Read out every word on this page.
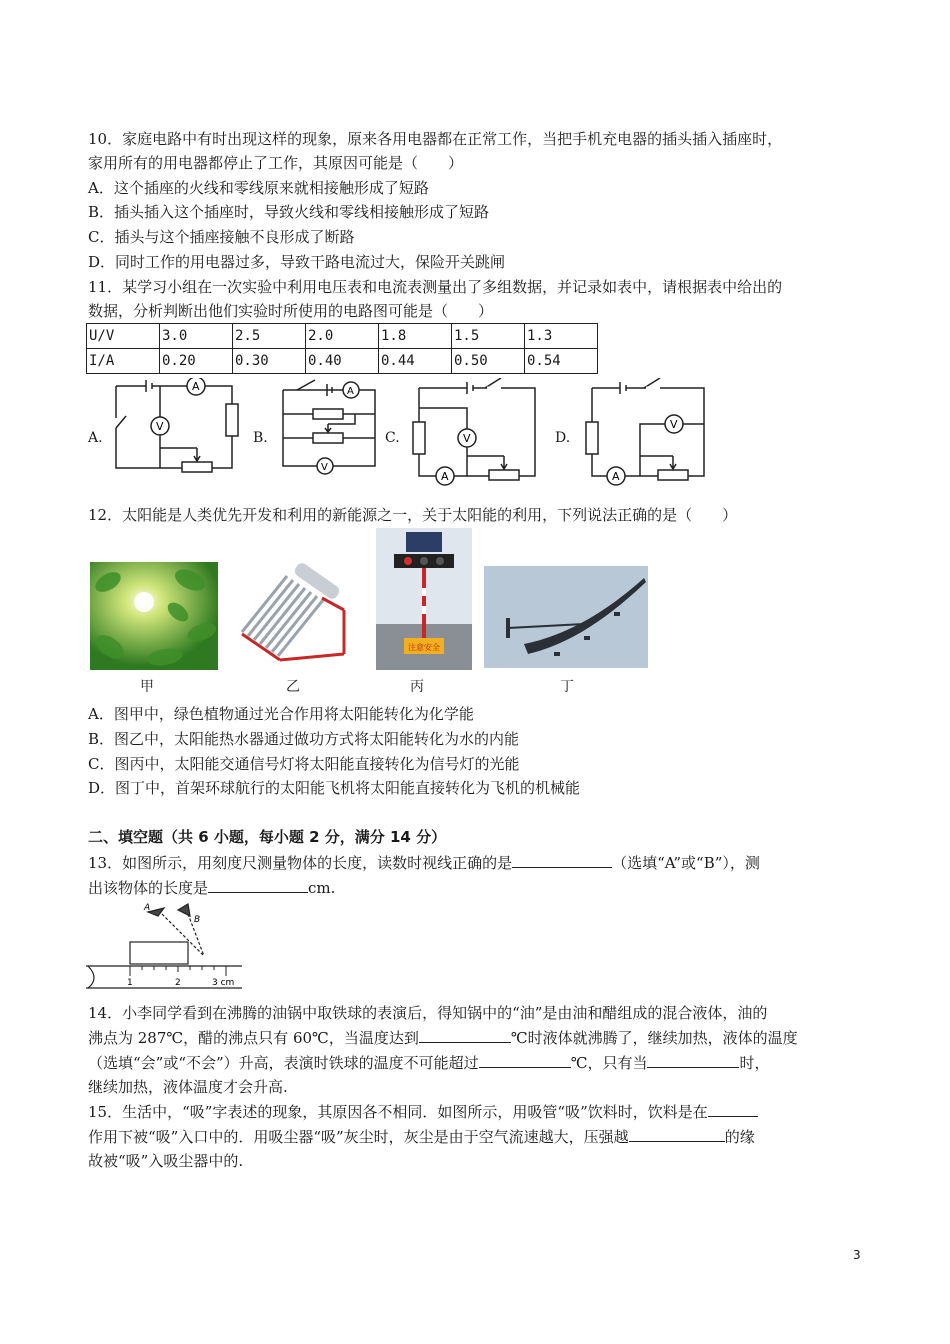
10．家庭电路中有时出现这样的现象，原来各用电器都在正常工作，当把手机充电器的插头插入插座时，
家用所有的用电器都停止了工作，其原因可能是（　　）
A．这个插座的火线和零线原来就相接触形成了短路
B．插头插入这个插座时，导致火线和零线相接触形成了短路
C．插头与这个插座接触不良形成了断路
D．同时工作的用电器过多，导致干路电流过大，保险开关跳闸
11．某学习小组在一次实验中利用电压表和电流表测量出了多组数据，并记录如表中，请根据表中给出的
数据，分析判断出他们实验时所使用的电路图可能是（　　）
U/V	3.0	2.5	2.0	1.8	1.5	1.3
I/A	0.20	0.30	0.40	0.44	0.50	0.54
A.	B.	C.	D.
V
A	A
V
V
A
V
A
12．太阳能是人类优先开发和利用的新能源之一，关于太阳能的利用，下列说法正确的是（　　）
注意安全
甲	乙	丙	丁
A．图甲中，绿色植物通过光合作用将太阳能转化为化学能
B．图乙中，太阳能热水器通过做功方式将太阳能转化为水的内能
C．图丙中，太阳能交通信号灯将太阳能直接转化为信号灯的光能
D．图丁中，首架环球航行的太阳能飞机将太阳能直接转化为飞机的机械能
二、填空题（共 6 小题，每小题 2 分，满分 14 分）
13．如图所示，用刻度尺测量物体的长度，读数时视线正确的是	（选填“A”或“B”），测
出该物体的长度是	cm.
A
B
1	2	3 cm
14．小李同学看到在沸腾的油锅中取铁球的表演后，得知锅中的“油”是由油和醋组成的混合液体，油的
沸点为 287℃，醋的沸点只有 60℃，当温度达到	℃时液体就沸腾了，继续加热，液体的温度
（选填“会”或“不会”）升高，表演时铁球的温度不可能超过	℃，只有当	时，
继续加热，液体温度才会升高.
15．生活中，“吸”字表述的现象，其原因各不相同．如图所示，用吸管“吸”饮料时，饮料是在
作用下被“吸”入口中的．用吸尘器“吸”灰尘时，灰尘是由于空气流速越大，压强越	的缘
故被“吸”入吸尘器中的.
3
